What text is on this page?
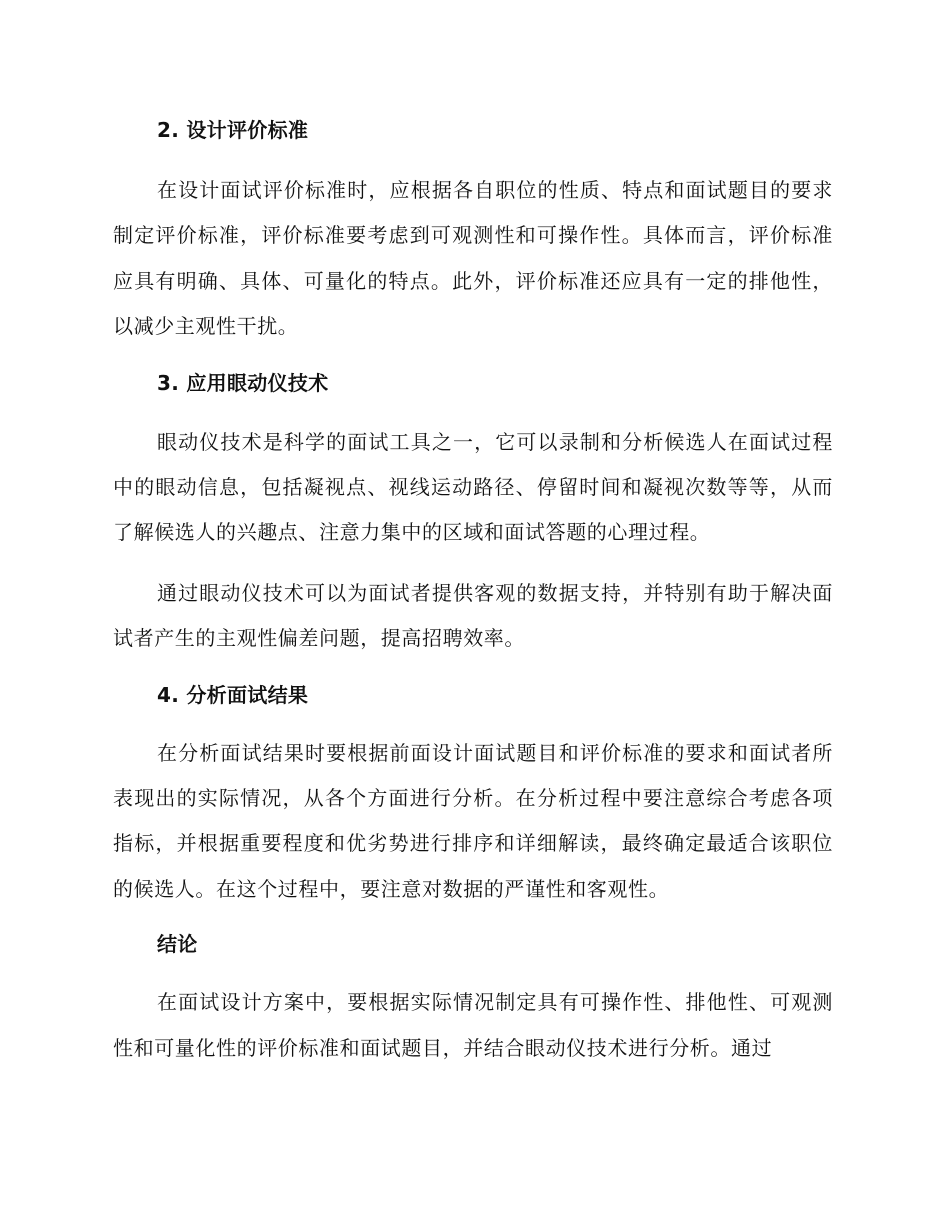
2. 设计评价标准

在设计面试评价标准时，应根据各自职位的性质、特点和面试题目的要求制定评价标准，评价标准要考虑到可观测性和可操作性。具体而言，评价标准应具有明确、具体、可量化的特点。此外，评价标准还应具有一定的排他性，以减少主观性干扰。

3. 应用眼动仪技术

眼动仪技术是科学的面试工具之一，它可以录制和分析候选人在面试过程中的眼动信息，包括凝视点、视线运动路径、停留时间和凝视次数等等，从而了解候选人的兴趣点、注意力集中的区域和面试答题的心理过程。

通过眼动仪技术可以为面试者提供客观的数据支持，并特别有助于解决面试者产生的主观性偏差问题，提高招聘效率。

4. 分析面试结果

在分析面试结果时要根据前面设计面试题目和评价标准的要求和面试者所表现出的实际情况，从各个方面进行分析。在分析过程中要注意综合考虑各项指标，并根据重要程度和优劣势进行排序和详细解读，最终确定最适合该职位的候选人。在这个过程中，要注意对数据的严谨性和客观性。

结论

在面试设计方案中，要根据实际情况制定具有可操作性、排他性、可观测性和可量化性的评价标准和面试题目，并结合眼动仪技术进行分析。通过
